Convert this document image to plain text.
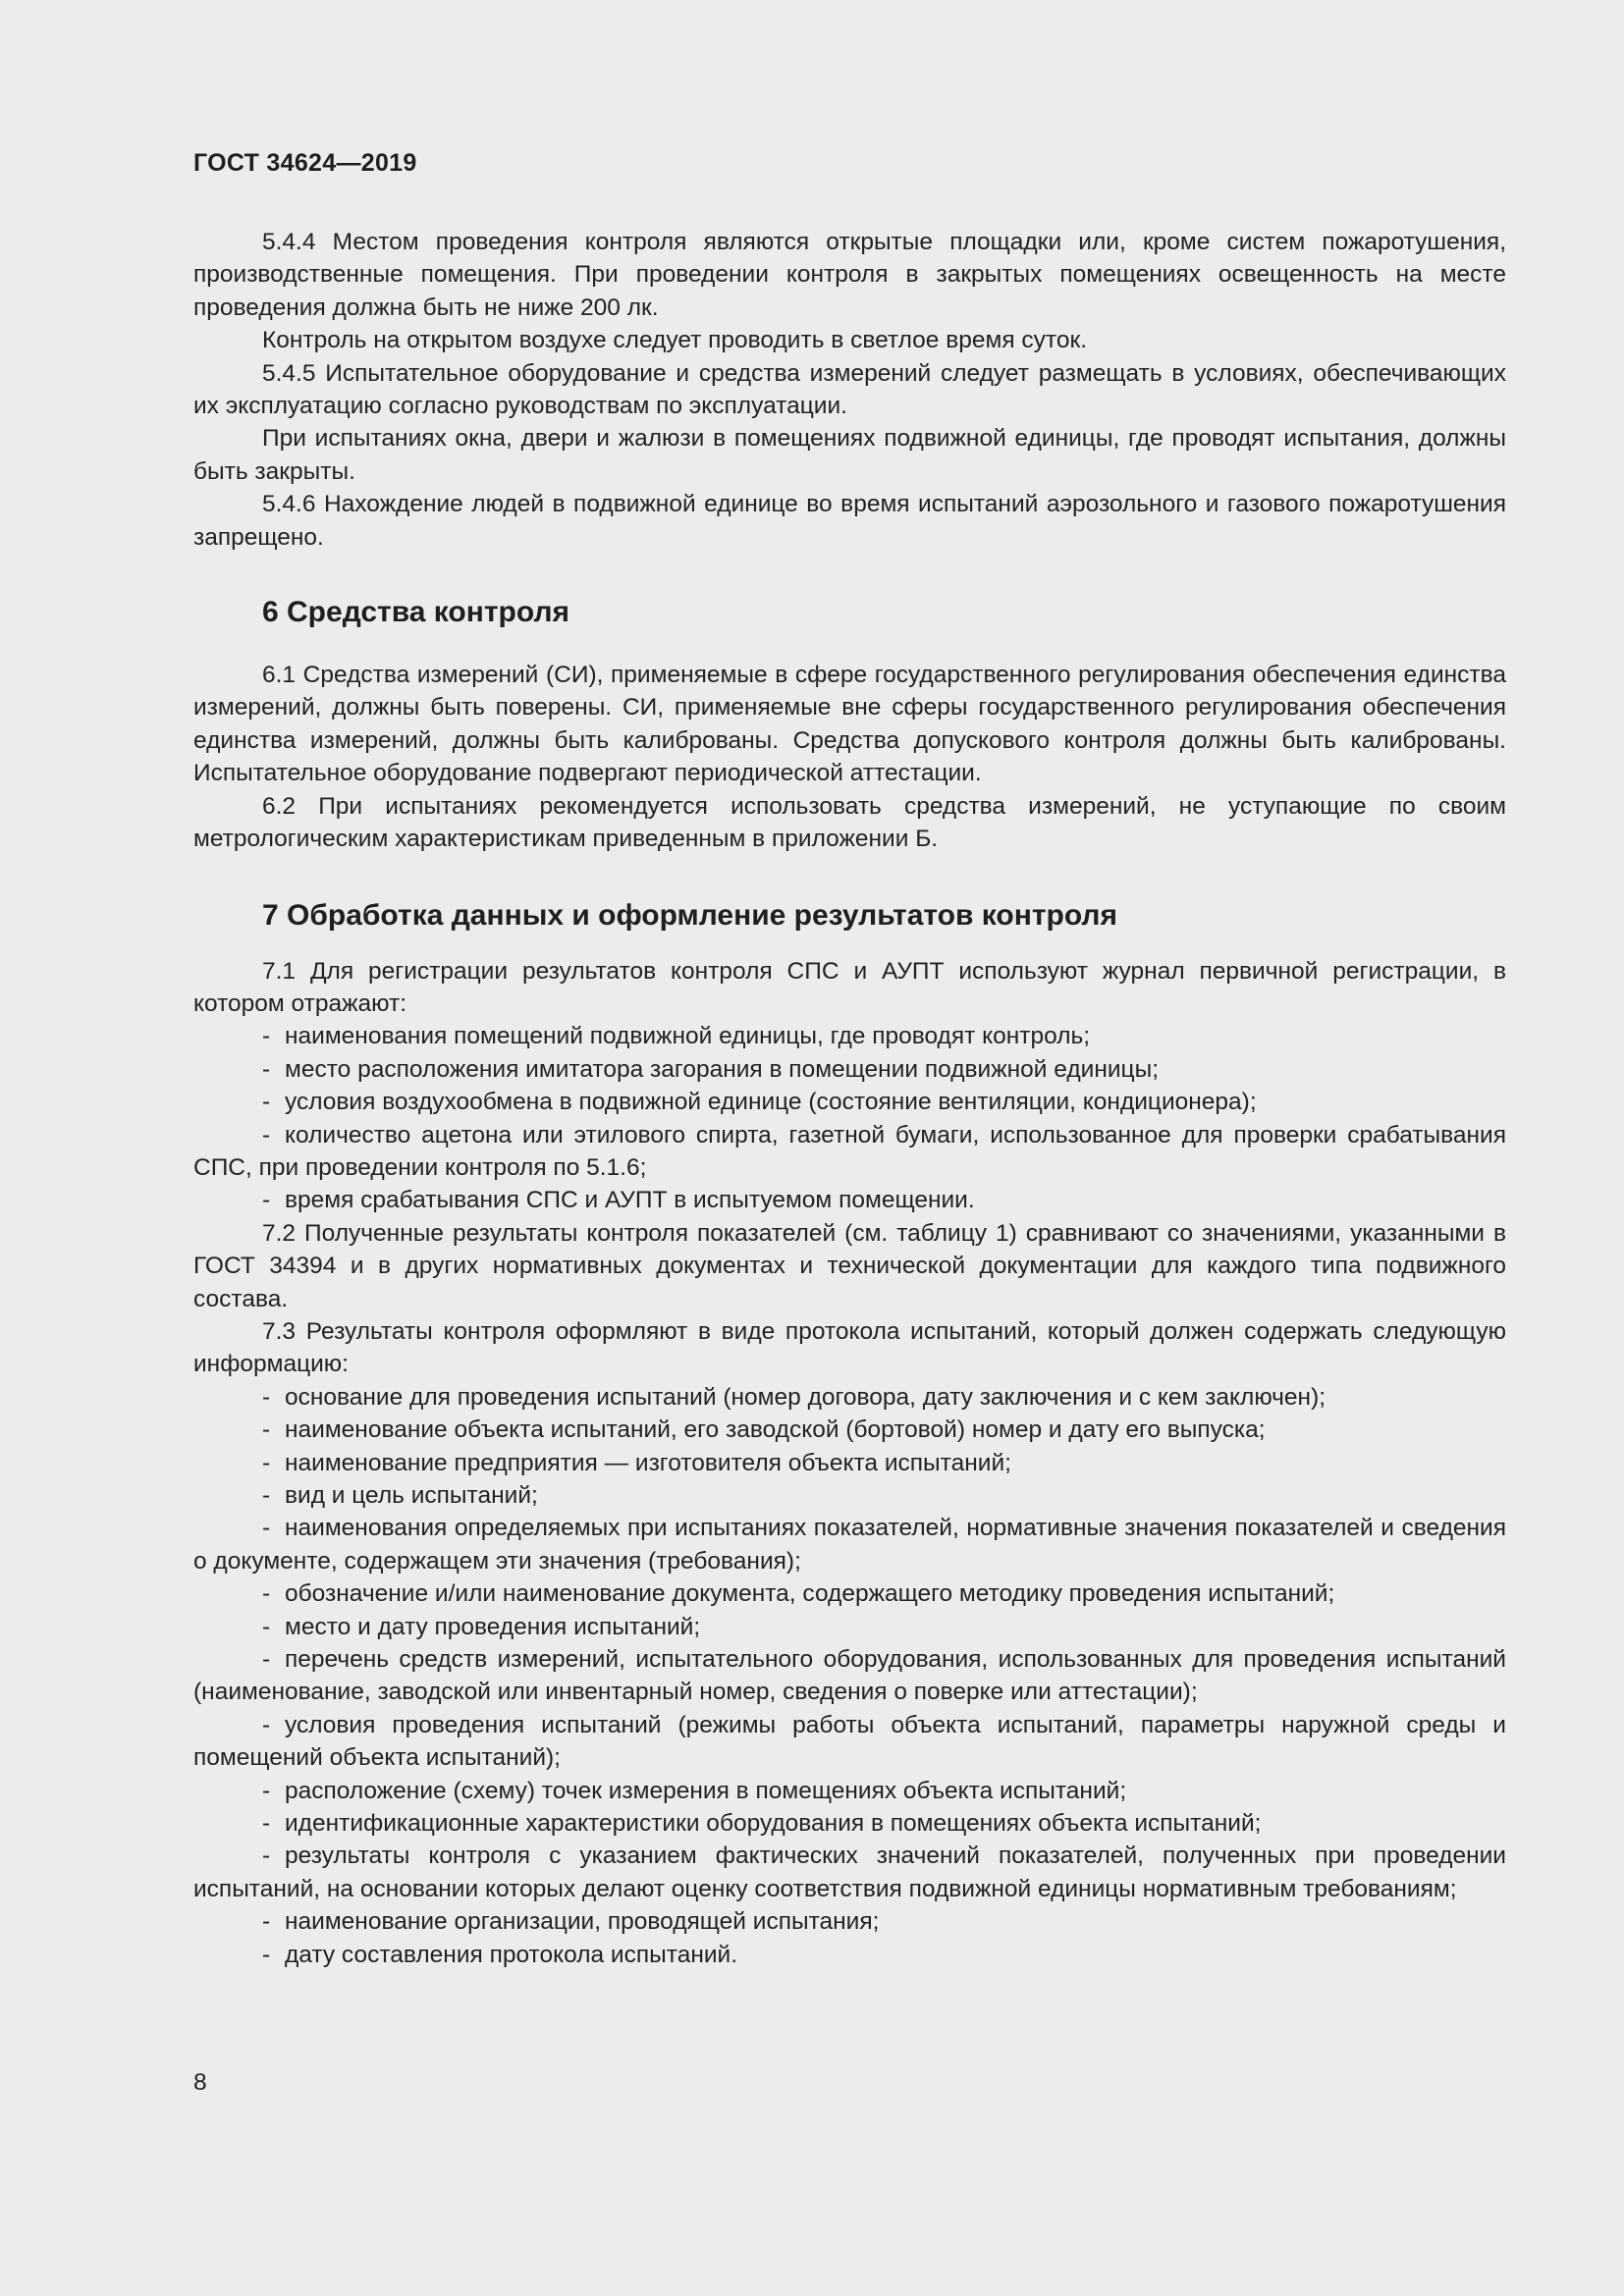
ГОСТ 34624—2019

5.4.4 Местом проведения контроля являются открытые площадки или, кроме систем пожаротушения, производственные помещения. При проведении контроля в закрытых помещениях освещенность на месте проведения должна быть не ниже 200 лк.

Контроль на открытом воздухе следует проводить в светлое время суток.

5.4.5 Испытательное оборудование и средства измерений следует размещать в условиях, обеспечивающих их эксплуатацию согласно руководствам по эксплуатации.

При испытаниях окна, двери и жалюзи в помещениях подвижной единицы, где проводят испытания, должны быть закрыты.

5.4.6 Нахождение людей в подвижной единице во время испытаний аэрозольного и газового пожаротушения запрещено.

6 Средства контроля

6.1 Средства измерений (СИ), применяемые в сфере государственного регулирования обеспечения единства измерений, должны быть поверены. СИ, применяемые вне сферы государственного регулирования обеспечения единства измерений, должны быть калиброваны. Средства допускового контроля должны быть калиброваны. Испытательное оборудование подвергают периодической аттестации.

6.2 При испытаниях рекомендуется использовать средства измерений, не уступающие по своим метрологическим характеристикам приведенным в приложении Б.

7 Обработка данных и оформление результатов контроля

7.1 Для регистрации результатов контроля СПС и АУПТ используют журнал первичной регистрации, в котором отражают:

- наименования помещений подвижной единицы, где проводят контроль;

- место расположения имитатора загорания в помещении подвижной единицы;

- условия воздухообмена в подвижной единице (состояние вентиляции, кондиционера);

- количество ацетона или этилового спирта, газетной бумаги, использованное для проверки срабатывания СПС, при проведении контроля по 5.1.6;

- время срабатывания СПС и АУПТ в испытуемом помещении.

7.2 Полученные результаты контроля показателей (см. таблицу 1) сравнивают со значениями, указанными в ГОСТ 34394 и в других нормативных документах и технической документации для каждого типа подвижного состава.

7.3 Результаты контроля оформляют в виде протокола испытаний, который должен содержать следующую информацию:

- основание для проведения испытаний (номер договора, дату заключения и с кем заключен);

- наименование объекта испытаний, его заводской (бортовой) номер и дату его выпуска;

- наименование предприятия — изготовителя объекта испытаний;

- вид и цель испытаний;

- наименования определяемых при испытаниях показателей, нормативные значения показателей и сведения о документе, содержащем эти значения (требования);

- обозначение и/или наименование документа, содержащего методику проведения испытаний;

- место и дату проведения испытаний;

- перечень средств измерений, испытательного оборудования, использованных для проведения испытаний (наименование, заводской или инвентарный номер, сведения о поверке или аттестации);

- условия проведения испытаний (режимы работы объекта испытаний, параметры наружной среды и помещений объекта испытаний);

- расположение (схему) точек измерения в помещениях объекта испытаний;

- идентификационные характеристики оборудования в помещениях объекта испытаний;

- результаты контроля с указанием фактических значений показателей, полученных при проведении испытаний, на основании которых делают оценку соответствия подвижной единицы нормативным требованиям;

- наименование организации, проводящей испытания;

- дату составления протокола испытаний.

8
